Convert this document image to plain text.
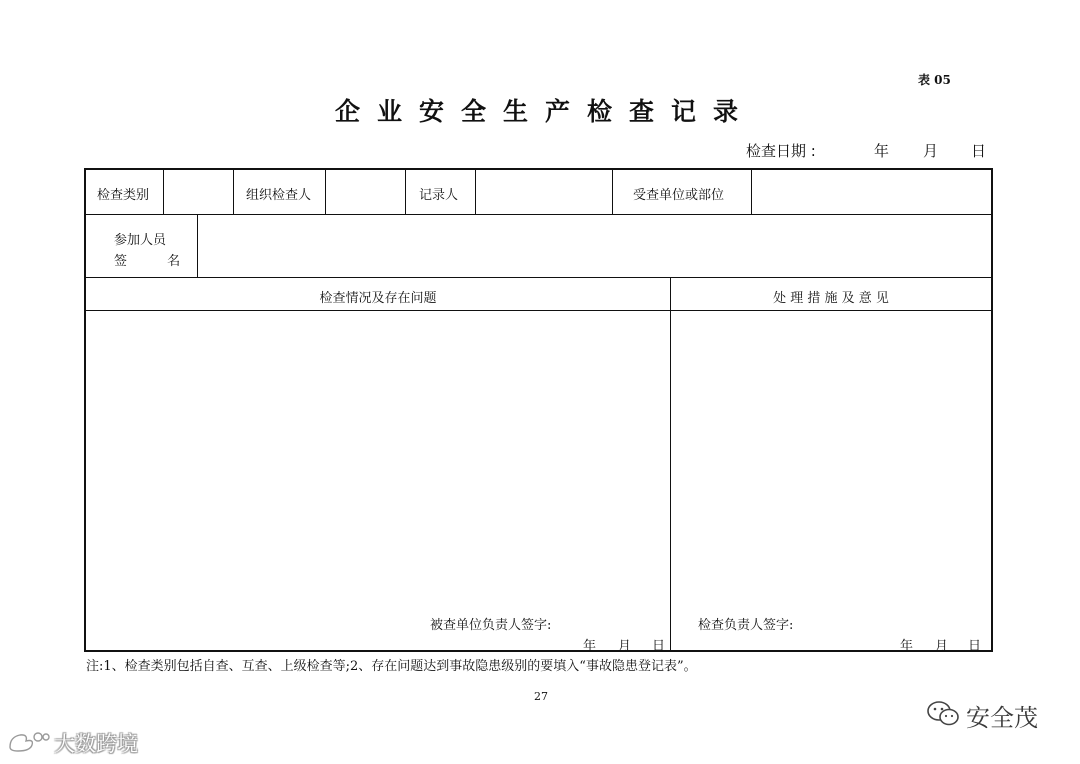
表 05
企业安全生产检查记录
检查日期 :	年 月 日
检查类别	组织检查人	记录人	受查单位或部位
参加人员
签 名
检查情况及存在问题	处 理 措 施 及 意 见
被查单位负责人签字:
年 月 日
检查负责人签字:
年 月 日
注:1、检查类别包括自查、互查、上级检查等;2、存在问题达到事故隐患级别的要填入“事故隐患登记表”。
27
安全茂
大数跨境
